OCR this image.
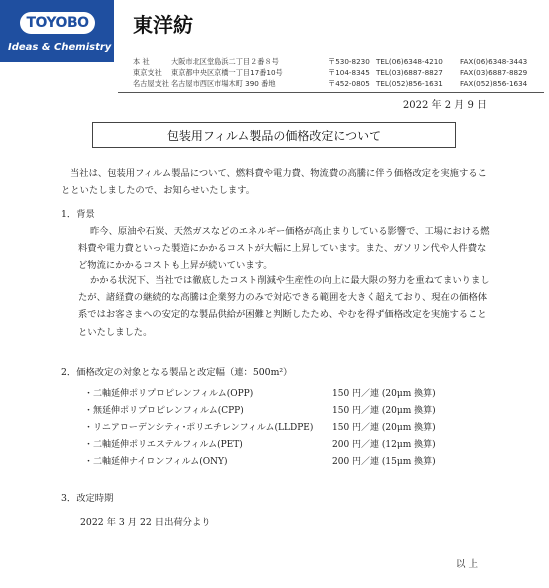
TOYOBO
Ideas & Chemistry
東洋紡
本 社	大阪市北区堂島浜二丁目２番８号	〒530-8230 TEL(06)6348-4210	FAX(06)6348-3443
東京支社	東京都中央区京橋一丁目17番10号	〒104-8345 TEL(03)6887-8827	FAX(03)6887-8829
名古屋支社 名古屋市西区市場木町 390 番地	〒452-0805 TEL(052)856-1631	FAX(052)856-1634
2022 年 2 月 9 日
包装用フィルム製品の価格改定について
当社は、包装用フィルム製品について、燃料費や電力費、物流費の高騰に伴う価格改定を実施することといたしましたので、お知らせいたします。
1．背景
昨今、原油や石炭、天然ガスなどのエネルギー価格が高止まりしている影響で、工場における燃料費や電力費といった製造にかかるコストが大幅に上昇しています。また、ガソリン代や人件費など物流にかかるコストも上昇が続いています。
かかる状況下、当社では徹底したコスト削減や生産性の向上に最大限の努力を重ねてまいりましたが、諸経費の継続的な高騰は企業努力のみで対応できる範囲を大きく超えており、現在の価格体系ではお客さまへの安定的な製品供給が困難と判断したため、やむを得ず価格改定を実施することといたしました。
2．価格改定の対象となる製品と改定幅（連：500m²）
・二軸延伸ポリプロピレンフィルム(OPP)	150 円／連 (20μm 換算)
・無延伸ポリプロピレンフィルム(CPP)	150 円／連 (20μm 換算)
・リニアローデンシティ･ポリエチレンフィルム(LLDPE)	150 円／連 (20μm 換算)
・二軸延伸ポリエステルフィルム(PET)	200 円／連 (12μm 換算)
・二軸延伸ナイロンフィルム(ONY)	200 円／連 (15μm 換算)
3．改定時期
2022 年 3 月 22 日出荷分より
以 上
